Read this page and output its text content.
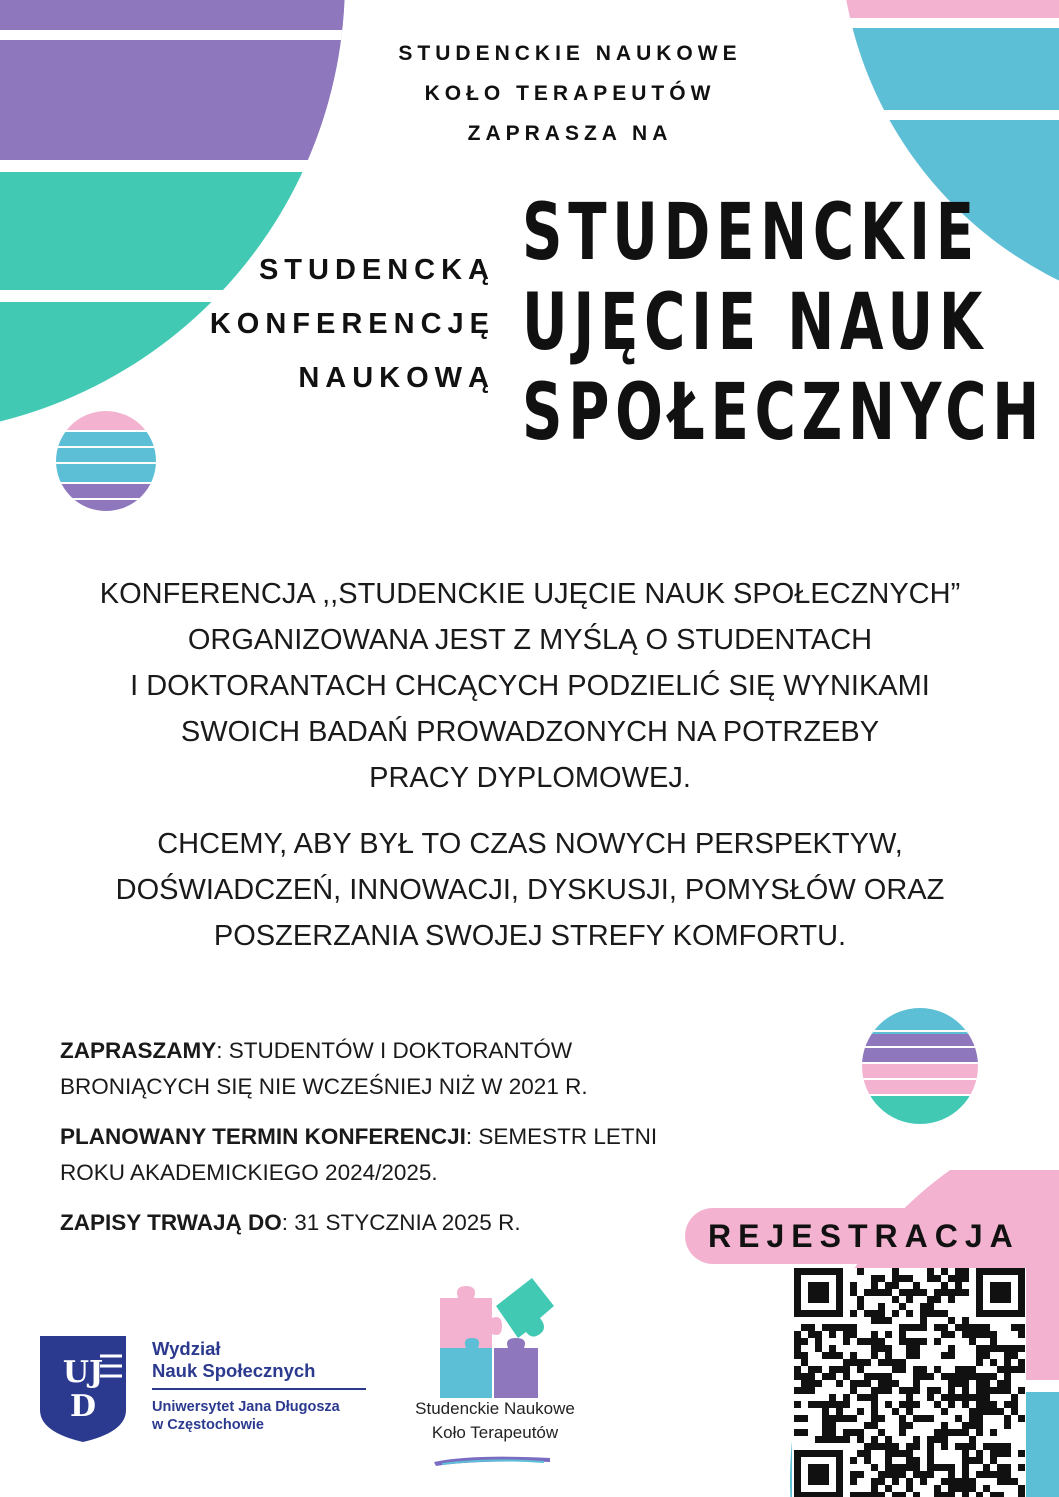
STUDENCKIE NAUKOWE
KOŁO TERAPEUTÓW
ZAPRASZA NA
STUDENCKĄ
KONFERENCJĘ
NAUKOWĄ
STUDENCKIE
UJĘCIE NAUK
SPOŁECZNYCH
KONFERENCJA ,,STUDENCKIE UJĘCIE NAUK SPOŁECZNYCH”
ORGANIZOWANA JEST Z MYŚLĄ O STUDENTACH
I DOKTORANTACH CHCĄCYCH PODZIELIĆ SIĘ WYNIKAMI
SWOICH BADAŃ PROWADZONYCH NA POTRZEBY
PRACY DYPLOMOWEJ.
CHCEMY, ABY BYŁ TO CZAS NOWYCH PERSPEKTYW,
DOŚWIADCZEŃ, INNOWACJI, DYSKUSJI, POMYSŁÓW ORAZ
POSZERZANIA SWOJEJ STREFY KOMFORTU.
ZAPRASZAMY: STUDENTÓW I DOKTORANTÓW
BRONIĄCYCH SIĘ NIE WCZEŚNIEJ NIŻ W 2021 R.
PLANOWANY TERMIN KONFERENCJI: SEMESTR LETNI
ROKU AKADEMICKIEGO 2024/2025.
ZAPISY TRWAJĄ DO: 31 STYCZNIA 2025 R.	REJESTRACJA
UJ
D
Wydział
Nauk Społecznych
Uniwersytet Jana Długosza
w Częstochowie
Studenckie Naukowe
Koło Terapeutów
